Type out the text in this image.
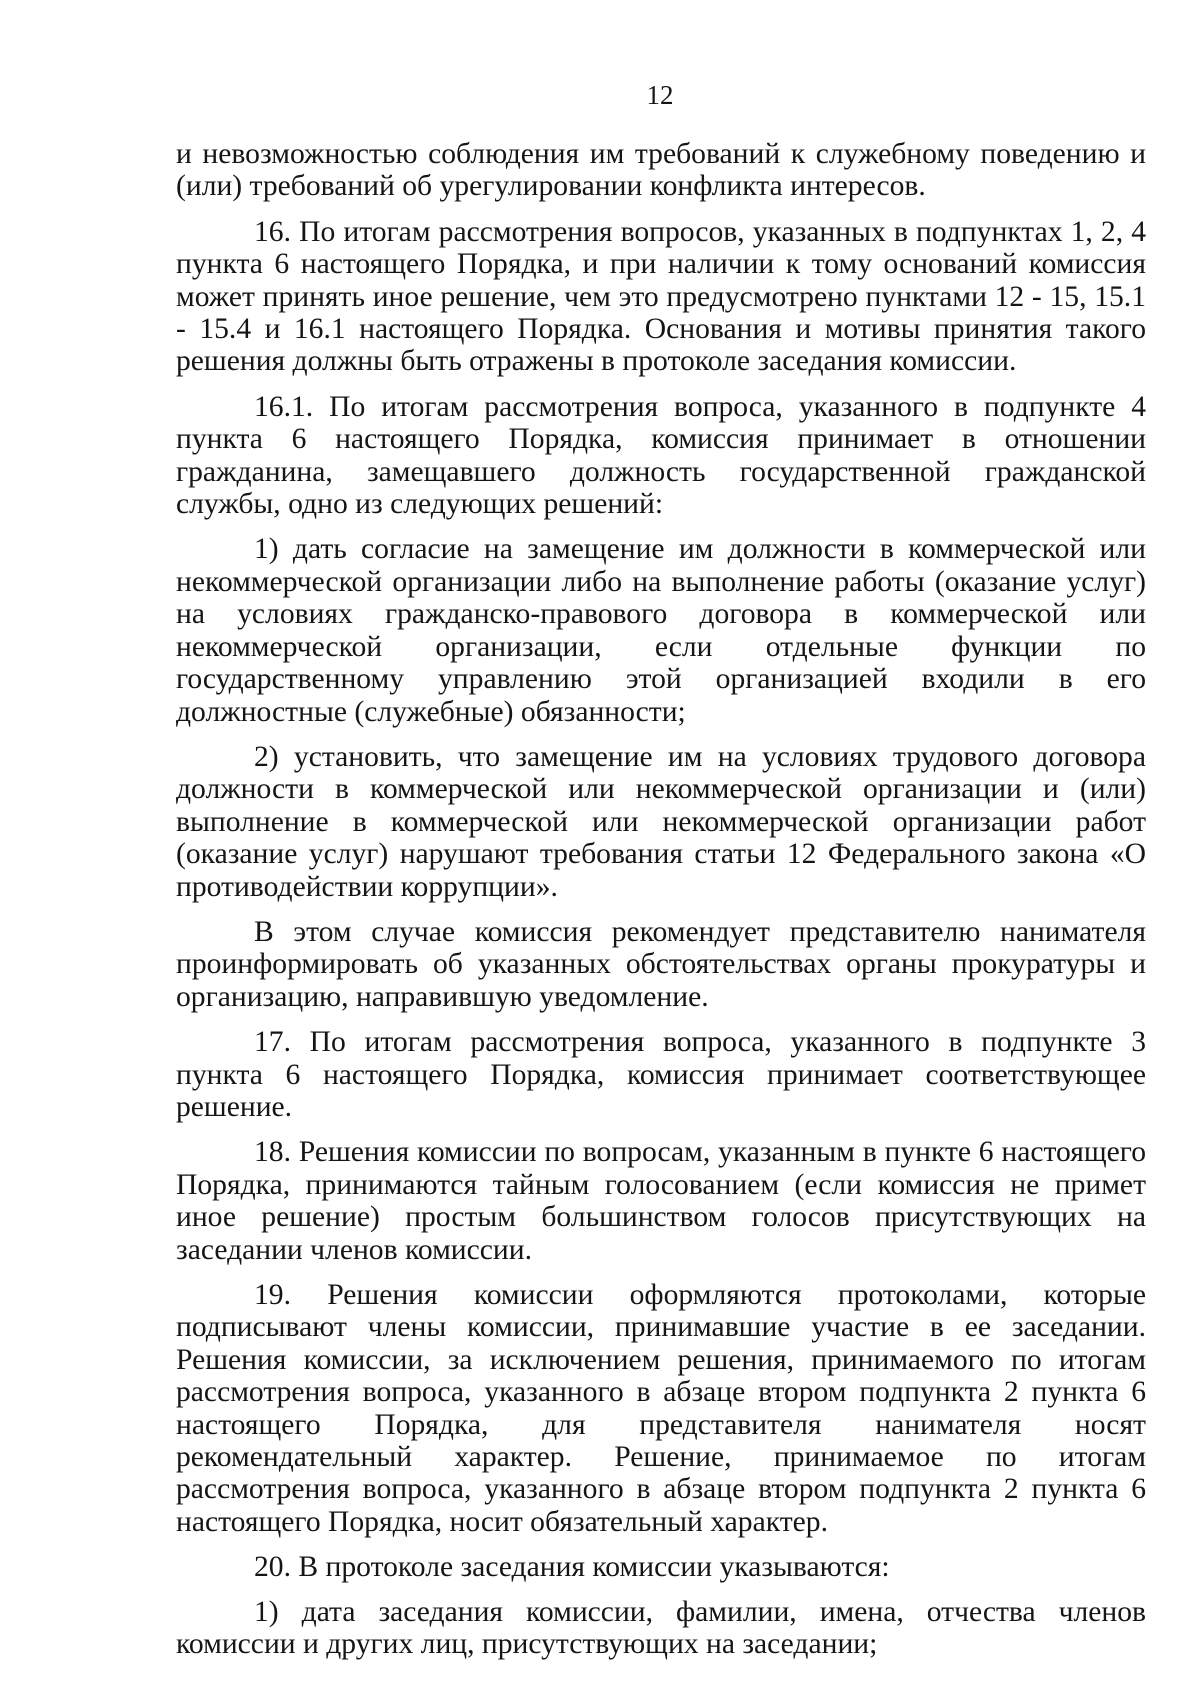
12

и невозможностью соблюдения им требований к служебному поведению и (или) требований об урегулировании конфликта интересов.

16. По итогам рассмотрения вопросов, указанных в подпунктах 1, 2, 4 пункта 6 настоящего Порядка, и при наличии к тому оснований комиссия может принять иное решение, чем это предусмотрено пунктами 12 - 15, 15.1 - 15.4 и 16.1 настоящего Порядка. Основания и мотивы принятия такого решения должны быть отражены в протоколе заседания комиссии.

16.1. По итогам рассмотрения вопроса, указанного в подпункте 4 пункта 6 настоящего Порядка, комиссия принимает в отношении гражданина, замещавшего должность государственной гражданской службы, одно из следующих решений:

1) дать согласие на замещение им должности в коммерческой или некоммерческой организации либо на выполнение работы (оказание услуг) на условиях гражданско-правового договора в коммерческой или некоммерческой организации, если отдельные функции по государственному управлению этой организацией входили в его должностные (служебные) обязанности;

2) установить, что замещение им на условиях трудового договора должности в коммерческой или некоммерческой организации и (или) выполнение в коммерческой или некоммерческой организации работ (оказание услуг) нарушают требования статьи 12 Федерального закона «О противодействии коррупции».

В этом случае комиссия рекомендует представителю нанимателя проинформировать об указанных обстоятельствах органы прокуратуры и организацию, направившую уведомление.

17. По итогам рассмотрения вопроса, указанного в подпункте 3 пункта 6 настоящего Порядка, комиссия принимает соответствующее решение.

18. Решения комиссии по вопросам, указанным в пункте 6 настоящего Порядка, принимаются тайным голосованием (если комиссия не примет иное решение) простым большинством голосов присутствующих на заседании членов комиссии.

19. Решения комиссии оформляются протоколами, которые подписывают члены комиссии, принимавшие участие в ее заседании. Решения комиссии, за исключением решения, принимаемого по итогам рассмотрения вопроса, указанного в абзаце втором подпункта 2 пункта 6 настоящего Порядка, для представителя нанимателя носят рекомендательный характер. Решение, принимаемое по итогам рассмотрения вопроса, указанного в абзаце втором подпункта 2 пункта 6 настоящего Порядка, носит обязательный характер.

20. В протоколе заседания комиссии указываются:

1) дата заседания комиссии, фамилии, имена, отчества членов комиссии и других лиц, присутствующих на заседании;
